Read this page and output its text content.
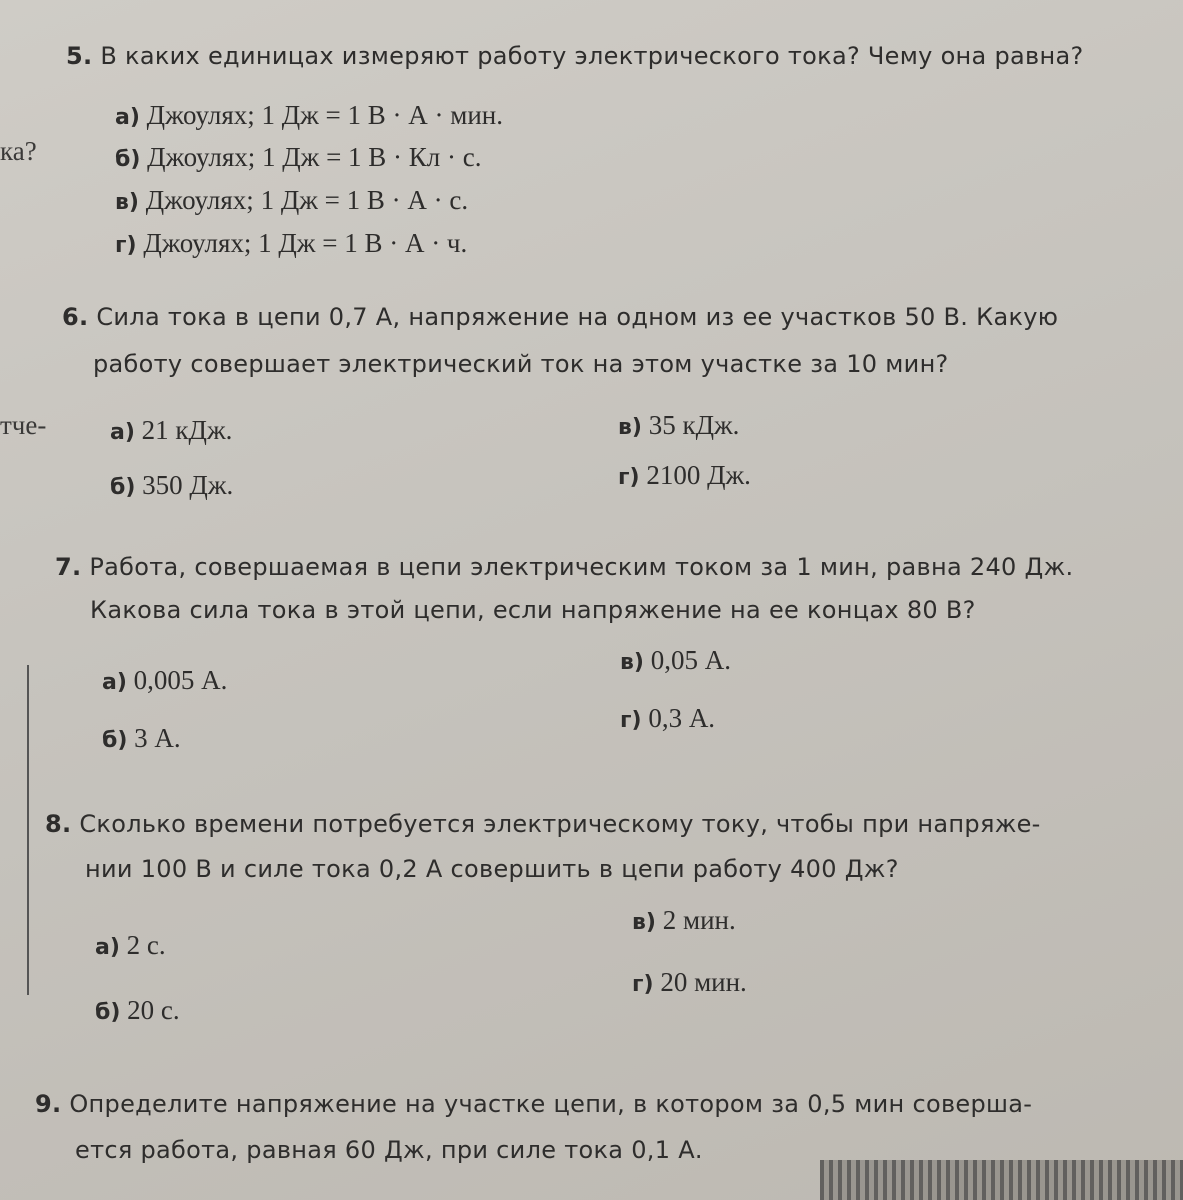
ка?
тче-
5. В каких единицах измеряют работу электрического тока? Чему она равна?
а) Джоулях; 1 Дж = 1 В · А · мин.
б) Джоулях; 1 Дж = 1 В · Кл · с.
в) Джоулях; 1 Дж = 1 В · А · с.
г) Джоулях; 1 Дж = 1 В · А · ч.
6. Сила тока в цепи 0,7 А, напряжение на одном из ее участков 50 В. Какую
работу совершает электрический ток на этом участке за 10 мин?
а) 21 кДж.
б) 350 Дж.
в) 35 кДж.
г) 2100 Дж.
7. Работа, совершаемая в цепи электрическим током за 1 мин, равна 240 Дж.
Какова сила тока в этой цепи, если напряжение на ее концах 80 В?
а) 0,005 А.
б) 3 А.
в) 0,05 А.
г) 0,3 А.
8. Сколько времени потребуется электрическому току, чтобы при напряже-
нии 100 В и силе тока 0,2 А совершить в цепи работу 400 Дж?
а) 2 с.
б) 20 с.
в) 2 мин.
г) 20 мин.
9. Определите напряжение на участке цепи, в котором за 0,5 мин соверша-
ется работа, равная 60 Дж, при силе тока 0,1 А.
